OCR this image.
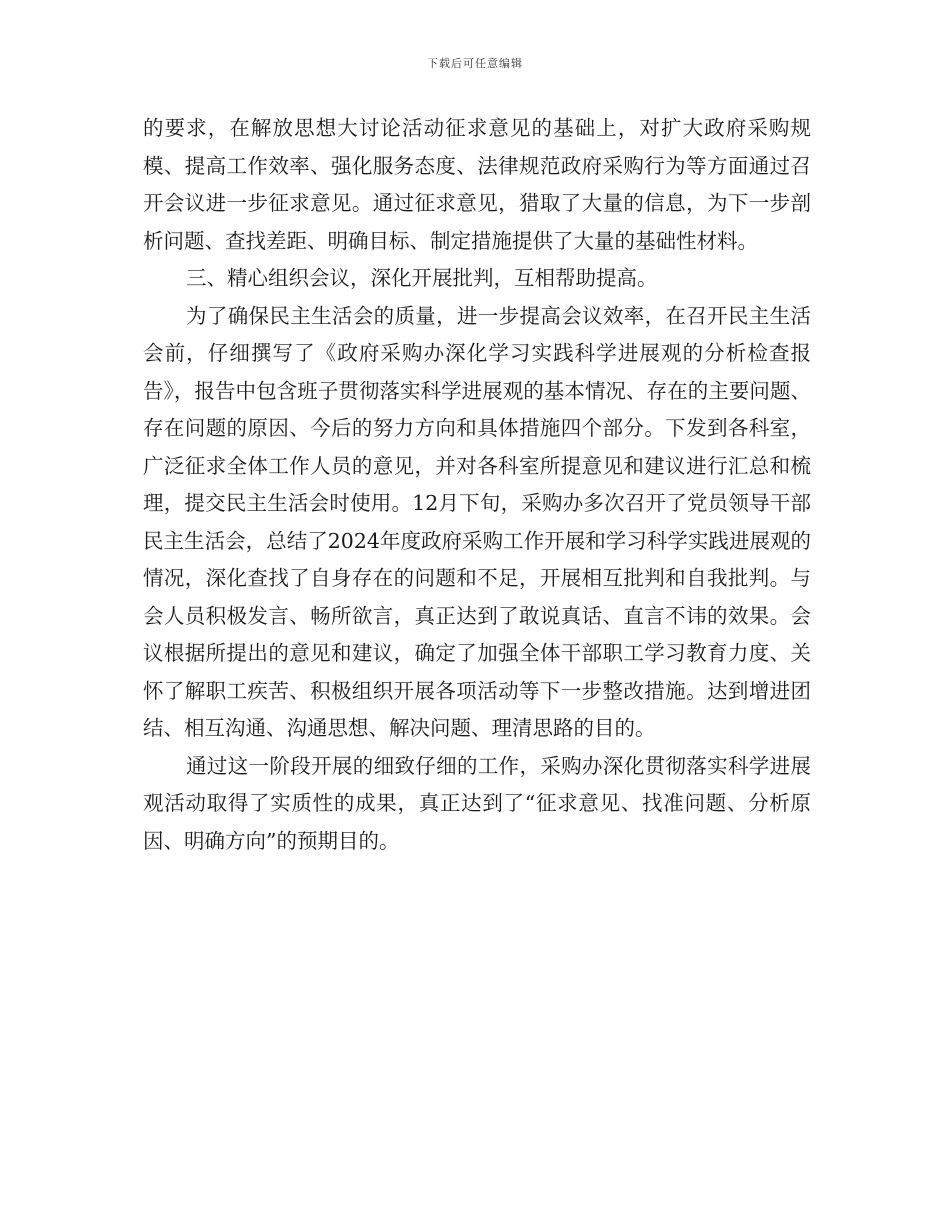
下载后可任意编辑

的要求，在解放思想大讨论活动征求意见的基础上，对扩大政府采购规模、提高工作效率、强化服务态度、法律规范政府采购行为等方面通过召开会议进一步征求意见。通过征求意见，猎取了大量的信息，为下一步剖析问题、查找差距、明确目标、制定措施提供了大量的基础性材料。

三、精心组织会议，深化开展批判，互相帮助提高。

为了确保民主生活会的质量，进一步提高会议效率，在召开民主生活会前，仔细撰写了《政府采购办深化学习实践科学进展观的分析检查报告》，报告中包含班子贯彻落实科学进展观的基本情况、存在的主要问题、存在问题的原因、今后的努力方向和具体措施四个部分。下发到各科室，广泛征求全体工作人员的意见，并对各科室所提意见和建议进行汇总和梳理，提交民主生活会时使用。12月下旬，采购办多次召开了党员领导干部民主生活会，总结了2024年度政府采购工作开展和学习科学实践进展观的情况，深化查找了自身存在的问题和不足，开展相互批判和自我批判。与会人员积极发言、畅所欲言，真正达到了敢说真话、直言不讳的效果。会议根据所提出的意见和建议，确定了加强全体干部职工学习教育力度、关怀了解职工疾苦、积极组织开展各项活动等下一步整改措施。达到增进团结、相互沟通、沟通思想、解决问题、理清思路的目的。

通过这一阶段开展的细致仔细的工作，采购办深化贯彻落实科学进展观活动取得了实质性的成果，真正达到了“征求意见、找准问题、分析原因、明确方向”的预期目的。
